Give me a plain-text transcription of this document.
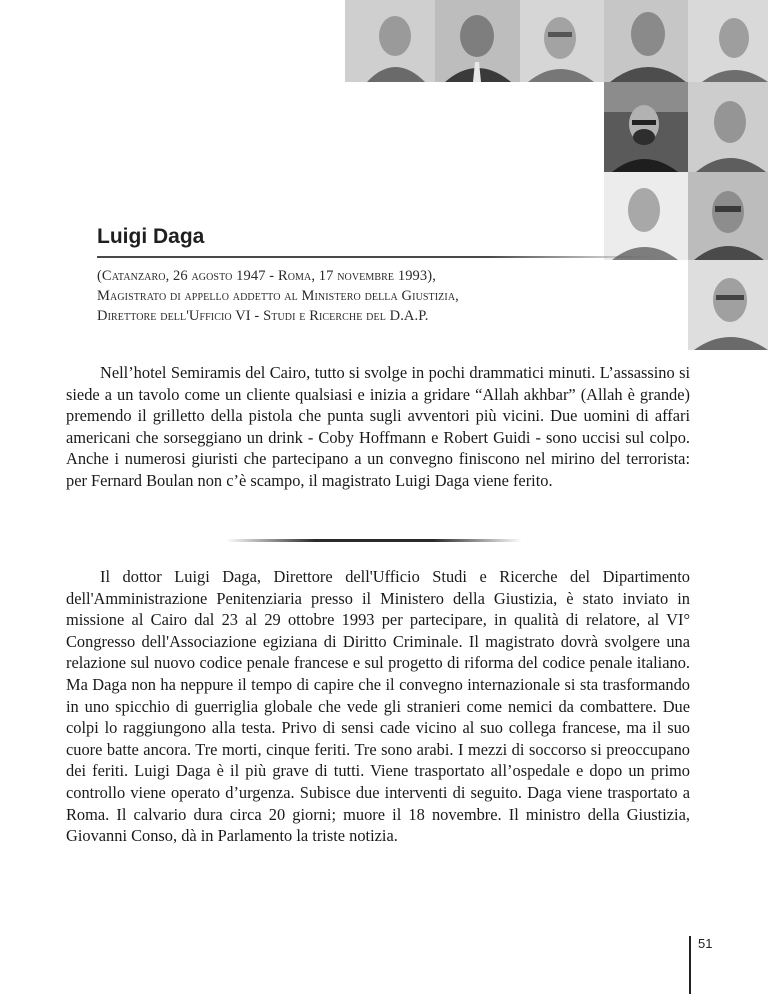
Luigi Daga
(Catanzaro, 26 agosto 1947 - Roma, 17 novembre 1993),
Magistrato di appello addetto al Ministero della Giustizia,
Direttore dell'Ufficio VI - Studi e Ricerche del D.A.P.

Nell’hotel Semiramis del Cairo, tutto si svolge in pochi drammatici minuti. L’assassino si siede a un tavolo come un cliente qualsiasi e inizia a gridare “Allah akhbar” (Allah è grande) premendo il grilletto della pistola che punta sugli avventori più vicini. Due uomini di affari americani che sorseggiano un drink - Coby Hoffmann e Robert Guidi - sono uccisi sul colpo. Anche i numerosi giuristi che partecipano a un convegno finiscono nel mirino del terrorista: per Fernard Boulan non c’è scampo, il magistrato Luigi Daga viene ferito.

Il dottor Luigi Daga, Direttore dell'Ufficio Studi e Ricerche del Dipartimento dell'Amministrazione Penitenziaria presso il Ministero della Giustizia, è stato inviato in missione al Cairo dal 23 al 29 ottobre 1993 per partecipare, in qualità di relatore, al VI° Congresso dell'Associazione egiziana di Diritto Criminale. Il magistrato dovrà svolgere una relazione sul nuovo codice penale francese e sul progetto di riforma del codice penale italiano. Ma Daga non ha neppure il tempo di capire che il convegno internazionale si sta trasformando in uno spicchio di guerriglia globale che vede gli stranieri come nemici da combattere. Due colpi lo raggiungono alla testa. Privo di sensi cade vicino al suo collega francese, ma il suo cuore batte ancora. Tre morti, cinque feriti. Tre sono arabi. I mezzi di soccorso si preoccupano dei feriti. Luigi Daga è il più grave di tutti. Viene trasportato all’ospedale e dopo un primo controllo viene operato d’urgenza. Subisce due interventi di seguito. Daga viene trasportato a Roma. Il calvario dura circa 20 giorni; muore il 18 novembre. Il ministro della Giustizia, Giovanni Conso, dà in Parlamento la triste notizia.

51
